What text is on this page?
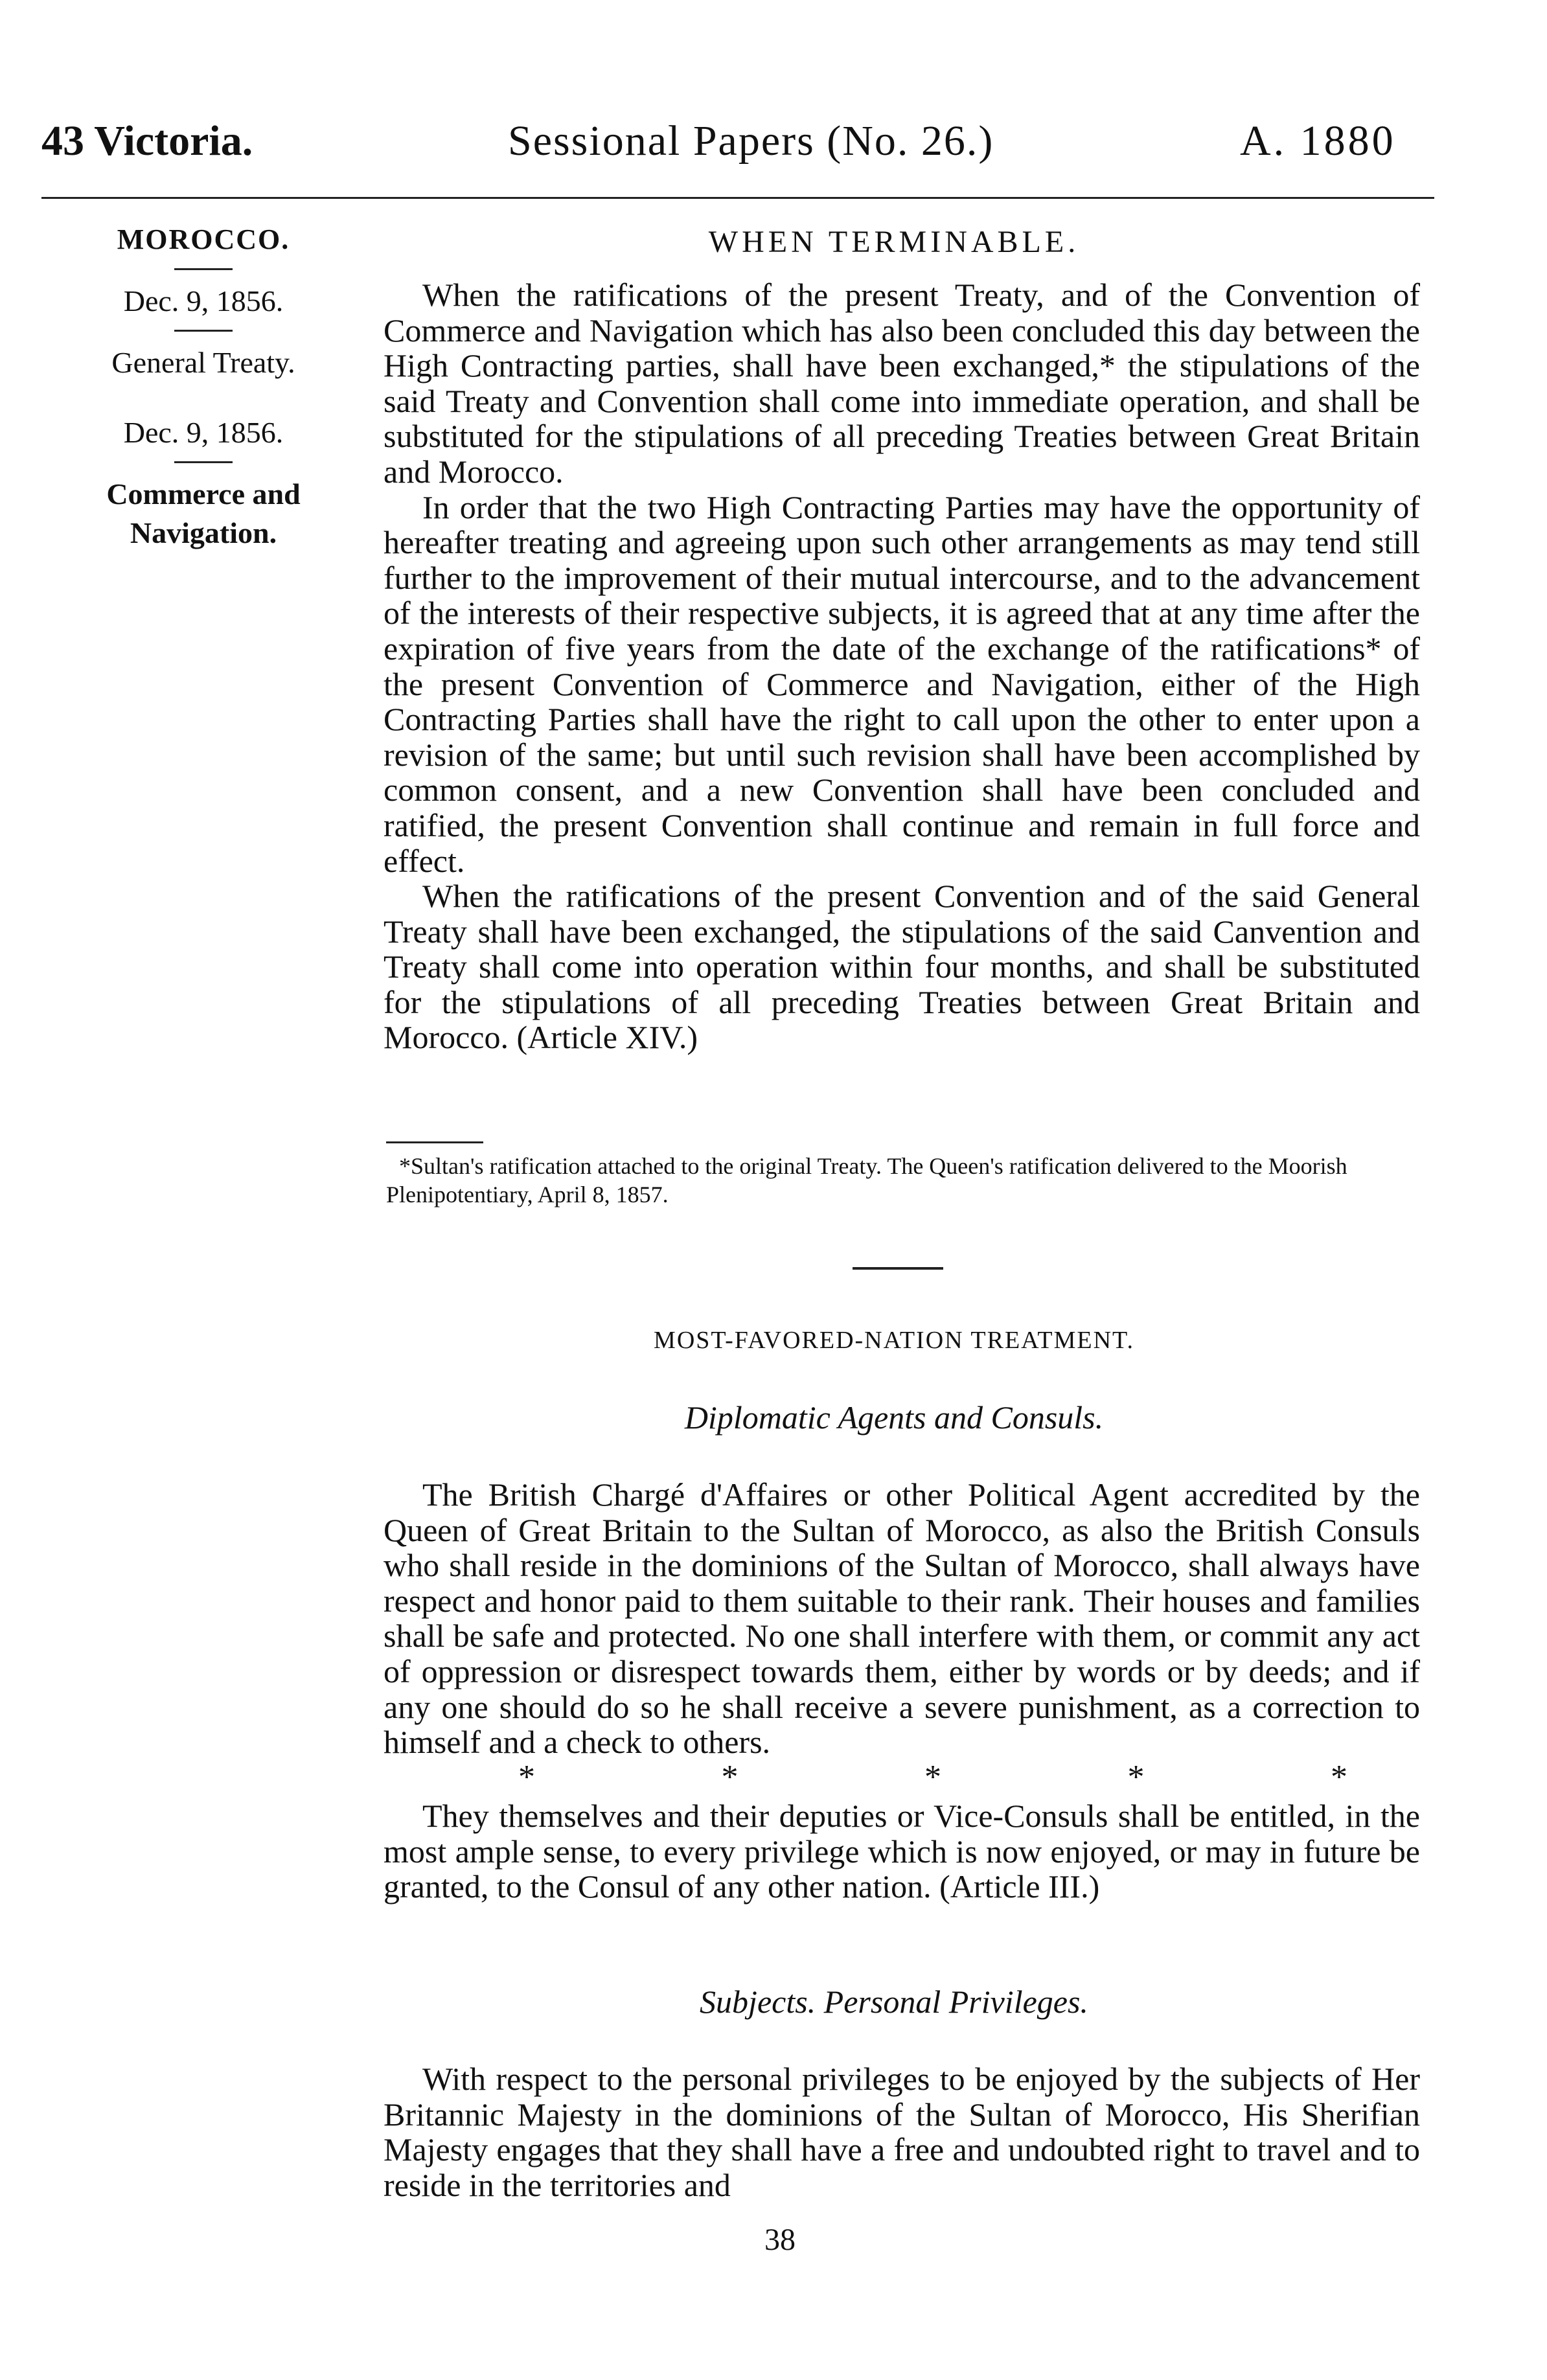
43 Victoria.	Sessional Papers (No. 26.)	A. 1880
MOROCCO.
Dec. 9, 1856.
General Treaty.
Dec. 9, 1856.
Commerce and
Navigation.
WHEN TERMINABLE.

When the ratifications of the present Treaty, and of the Convention of Commerce and Navigation which has also been concluded this day between the High Contracting parties, shall have been exchanged,* the stipulations of the said Treaty and Convention shall come into immediate operation, and shall be substituted for the stipulations of all preceding Treaties between Great Britain and Morocco.

In order that the two High Contracting Parties may have the opportunity of hereafter treating and agreeing upon such other arrangements as may tend still further to the improvement of their mutual intercourse, and to the advancement of the interests of their respective subjects, it is agreed that at any time after the expiration of five years from the date of the exchange of the ratifications* of the present Convention of Commerce and Navigation, either of the High Contracting Parties shall have the right to call upon the other to enter upon a revision of the same; but until such revision shall have been accomplished by common consent, and a new Convention shall have been concluded and ratified, the present Convention shall continue and remain in full force and effect.

When the ratifications of the present Convention and of the said General Treaty shall have been exchanged, the stipulations of the said Canvention and Treaty shall come into operation within four months, and shall be substituted for the stipulations of all preceding Treaties between Great Britain and Morocco. (Article XIV.)

*Sultan's ratification attached to the original Treaty. The Queen's ratification delivered to the Moorish Plenipotentiary, April 8, 1857.

MOST-FAVORED-NATION TREATMENT.
Diplomatic Agents and Consuls.

The British Chargé d'Affaires or other Political Agent accredited by the Queen of Great Britain to the Sultan of Morocco, as also the British Consuls who shall reside in the dominions of the Sultan of Morocco, shall always have respect and honor paid to them suitable to their rank. Their houses and families shall be safe and protected. No one shall interfere with them, or commit any act of oppression or disrespect towards them, either by words or by deeds; and if any one should do so he shall receive a severe punishment, as a correction to himself and a check to others.

*	*	*	*	*

They themselves and their deputies or Vice-Consuls shall be entitled, in the most ample sense, to every privilege which is now enjoyed, or may in future be granted, to the Consul of any other nation. (Article III.)

Subjects. Personal Privileges.

With respect to the personal privileges to be enjoyed by the subjects of Her Britannic Majesty in the dominions of the Sultan of Morocco, His Sherifian Majesty engages that they shall have a free and undoubted right to travel and to reside in the territories and

38
